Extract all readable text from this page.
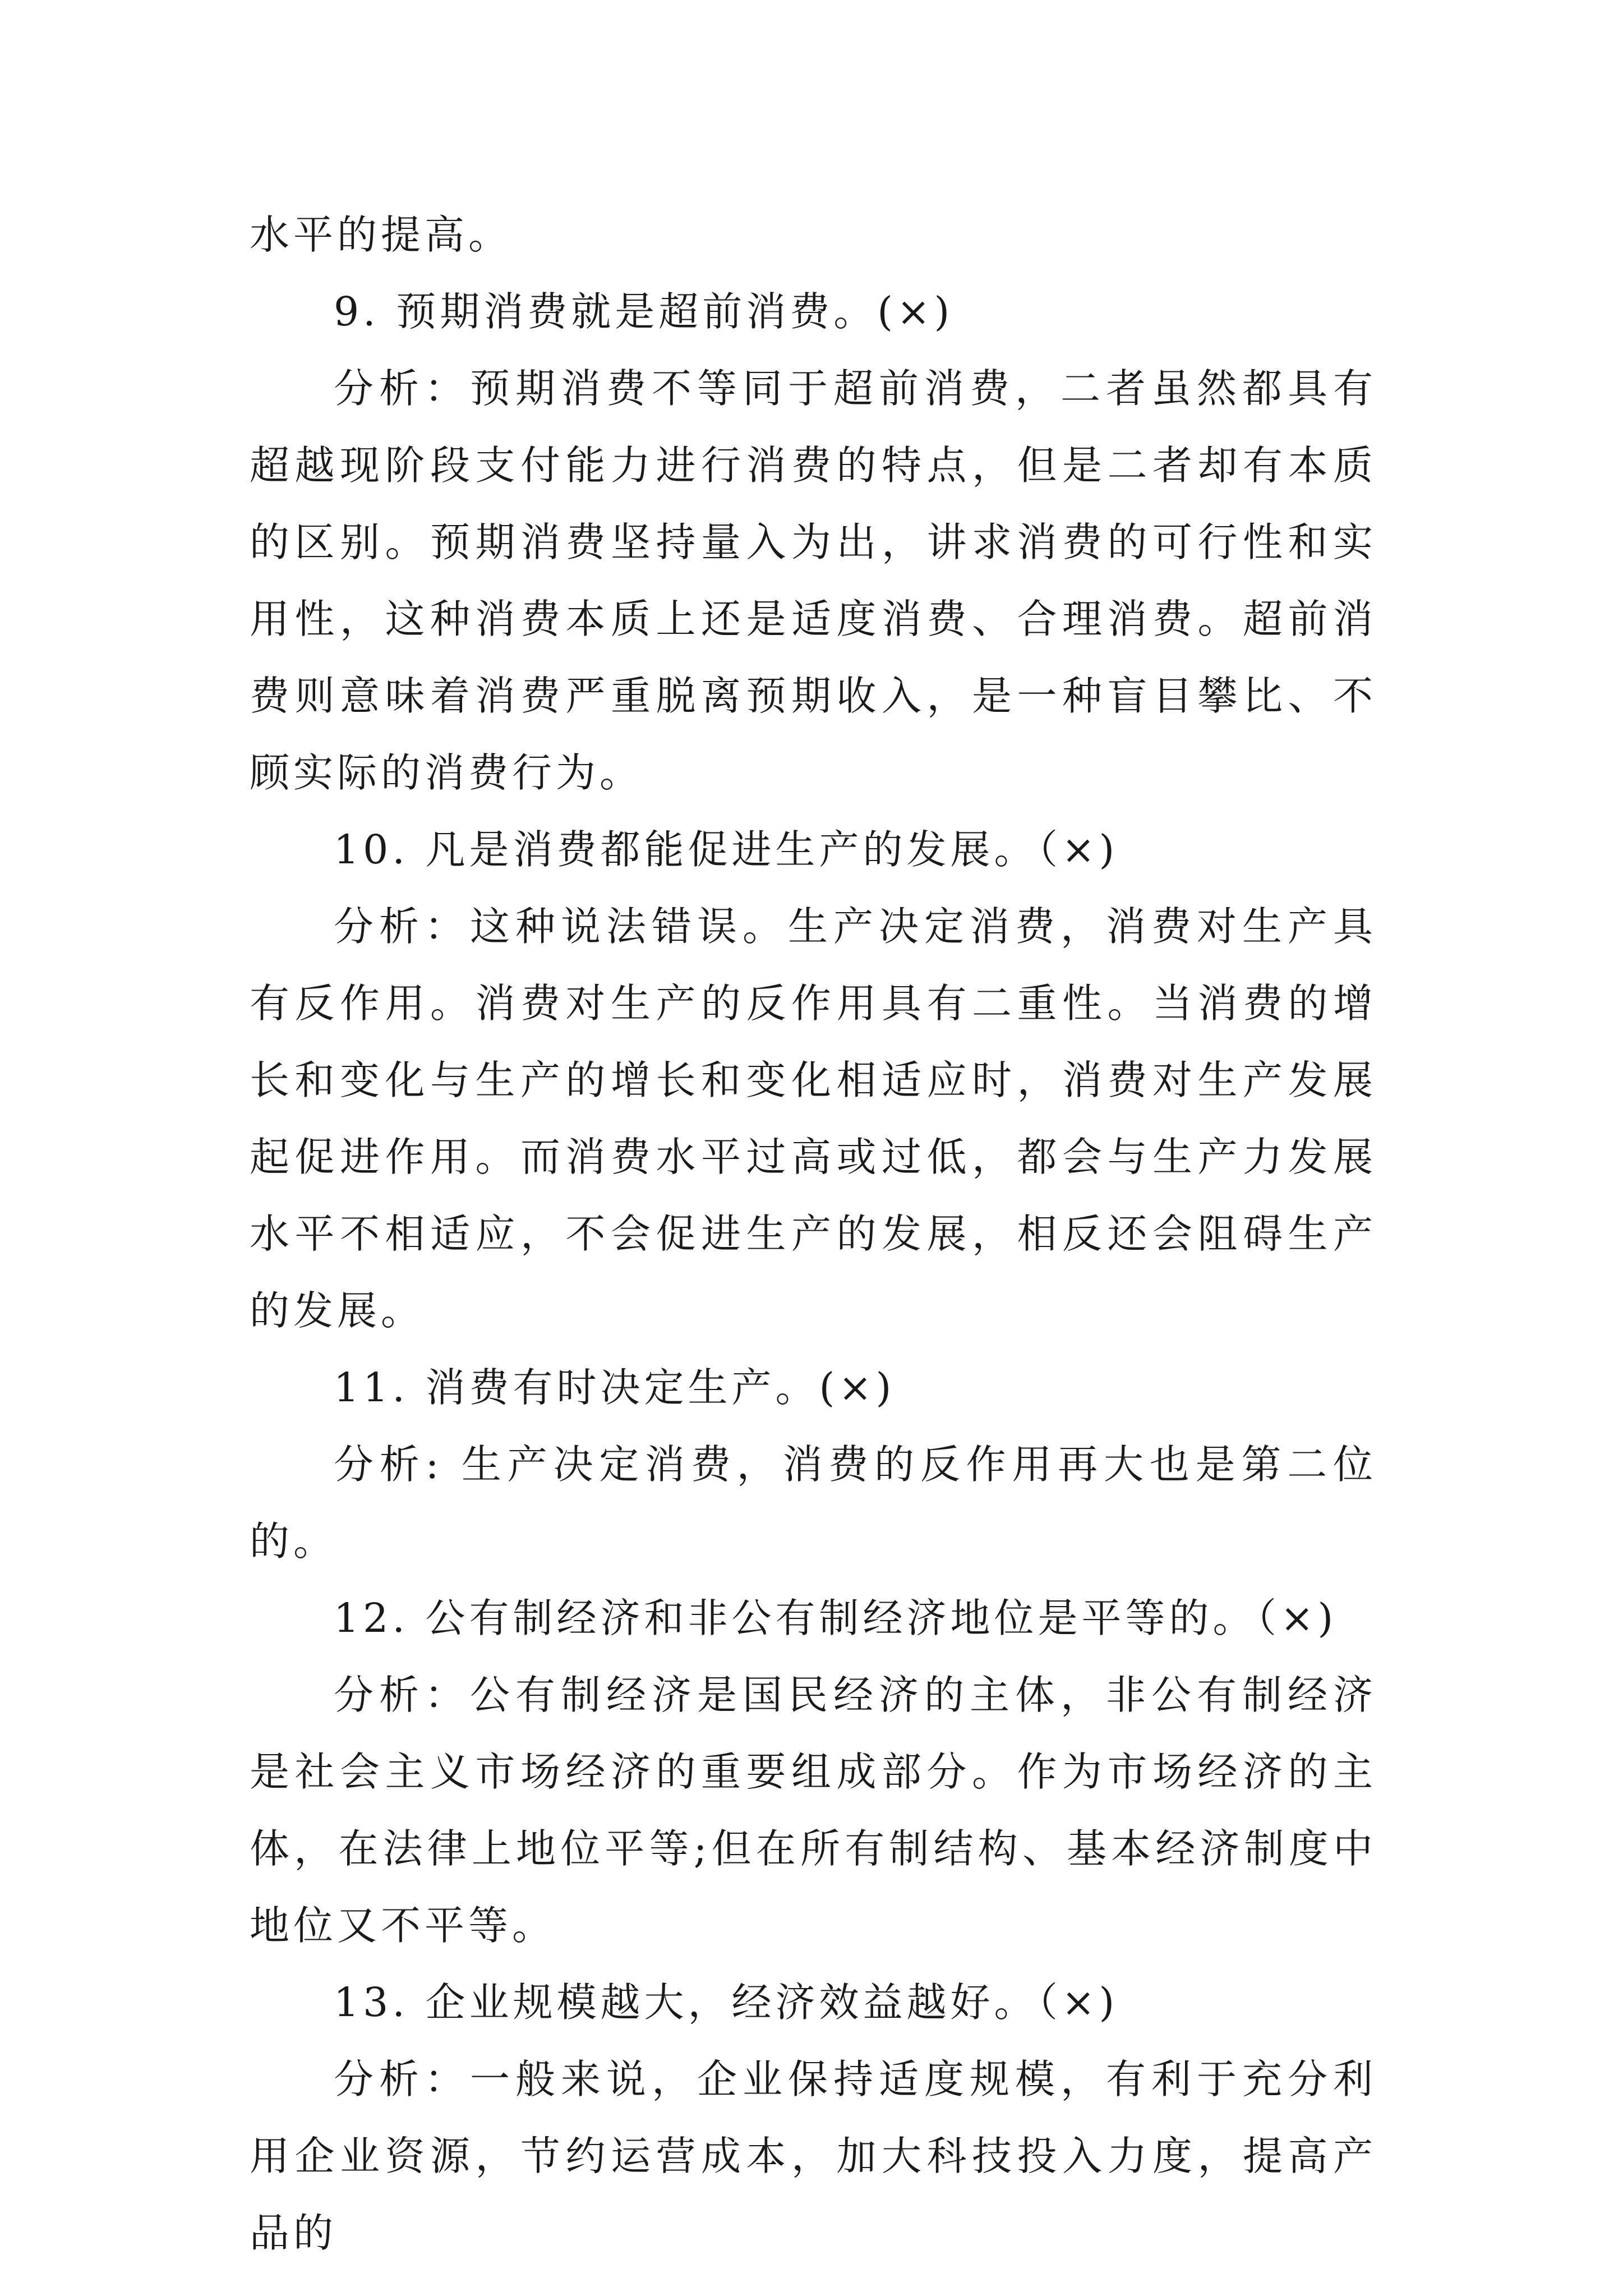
水平的提高。

9. 预期消费就是超前消费。(×)

分析：预期消费不等同于超前消费，二者虽然都具有超越现阶段支付能力进行消费的特点，但是二者却有本质的区别。预期消费坚持量入为出，讲求消费的可行性和实用性，这种消费本质上还是适度消费、合理消费。超前消费则意味着消费严重脱离预期收入，是一种盲目攀比、不顾实际的消费行为。

10. 凡是消费都能促进生产的发展。（×)

分析：这种说法错误。生产决定消费，消费对生产具有反作用。消费对生产的反作用具有二重性。当消费的增长和变化与生产的增长和变化相适应时，消费对生产发展起促进作用。而消费水平过高或过低，都会与生产力发展水平不相适应，不会促进生产的发展，相反还会阻碍生产的发展。

11. 消费有时决定生产。(×)

分析: 生产决定消费，消费的反作用再大也是第二位的。

12. 公有制经济和非公有制经济地位是平等的。（×)

分析：公有制经济是国民经济的主体，非公有制经济是社会主义市场经济的重要组成部分。作为市场经济的主体，在法律上地位平等;但在所有制结构、基本经济制度中地位又不平等。

13. 企业规模越大，经济效益越好。（×)

分析：一般来说，企业保持适度规模，有利于充分利用企业资源，节约运营成本，加大科技投入力度，提高产品的
